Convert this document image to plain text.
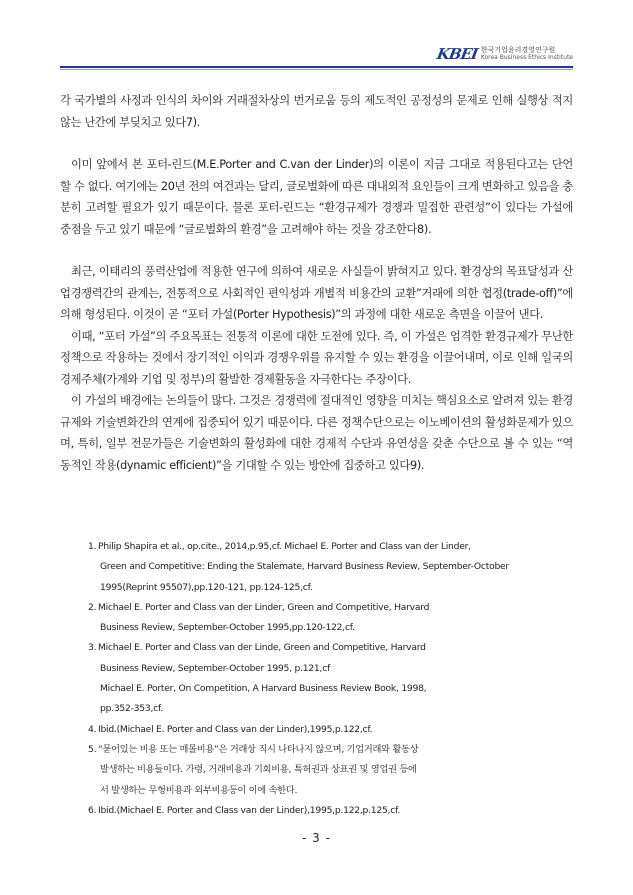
KBEI 한국기업윤리경영연구원
Korea Business Ethics Institute

각 국가별의 사정과 인식의 차이와 거래절차상의 번거로움 등의 제도적인 공정성의 문제로 인해 실행상 적지 않는 난간에 부딪치고 있다7).

이미 앞에서 본 포터-린드(M.E.Porter and C.van der Linder)의 이론이 지금 그대로 적용된다고는 단언할 수 없다. 여기에는 20년 전의 여건과는 달리, 글로벌화에 따른 대내외적 요인들이 크게 변화하고 있음을 충분히 고려할 필요가 있기 때문이다. 물론 포터-린드는 “환경규제가 경쟁과 밀접한 관련성”이 있다는 가설에 중점을 두고 있기 때문에 “글로벌화의 환경”을 고려해야 하는 것을 강조한다8).

최근, 이태리의 풍력산업에 적용한 연구에 의하여 새로운 사실들이 밝혀지고 있다. 환경상의 목표달성과 산업경쟁력간의 관계는, 전통적으로 사회적인 편익성과 개별적 비용간의 교환”거래에 의한 협정(trade-off)”에 의해 형성된다. 이것이 곧 “포터 가설(Porter Hypothesis)”의 과정에 대한 새로운 측면을 이끌어 낸다.

이때, “포터 가설”의 주요목표는 전통적 이론에 대한 도전에 있다. 즉, 이 가설은 엄격한 환경규제가 무난한 정책으로 작용하는 것에서 장기적인 이익과 경쟁우위를 유지할 수 있는 환경을 이끌어내며, 이로 인해 일국의 경제주체(가계와 기업 및 정부)의 활발한 경제활동을 자극한다는 주장이다.

이 가설의 배경에는 논의들이 많다. 그것은 경쟁력에 절대적인 영향을 미치는 핵심요소로 알려져 있는 환경규제와 기술변화간의 연계에 집중되어 있기 때문이다. 다른 정책수단으로는 이노베이션의 활성화문제가 있으며, 특히, 일부 전문가들은 기술변화의 활성화에 대한 경제적 수단과 유연성을 갖춘 수단으로 볼 수 있는 “역동적인 작용(dynamic efficient)”을 기대할 수 있는 방안에 집중하고 있다9).

1. Philip Shapira et al., op.cite., 2014,p.95,cf. Michael E. Porter and Class van der Linder,
Green and Competitive: Ending the Stalemate, Harvard Business Review, September-October
1995(Reprint 95507),pp.120-121, pp.124-125,cf.
2. Michael E. Porter and Class van der Linder, Green and Competitive, Harvard
Business Review, September-October 1995,pp.120-122,cf.
3. Michael E. Porter and Class van der Linde, Green and Competitive, Harvard
Business Review, September-October 1995, p.121,cf
Michael E. Porter, On Competition, A Harvard Business Review Book, 1998,
pp.352-353,cf.
4. Ibid.(Michael E. Porter and Class van der Linder),1995,p.122,cf.
5. “묻어있는 비용 또는 매몰비용”은 거래상 직시 나타나지 않으며, 기업거래와 활동상
발생하는 비용들이다. 가령, 거래비용과 기회비용, 특허권과 상표권 및 영업권 등에
서 발생하는 무형비용과 외부비용등이 이에 속한다.
6. Ibid.(Michael E. Porter and Class van der Linder),1995,p.122,p.125,cf.
- 3 -
